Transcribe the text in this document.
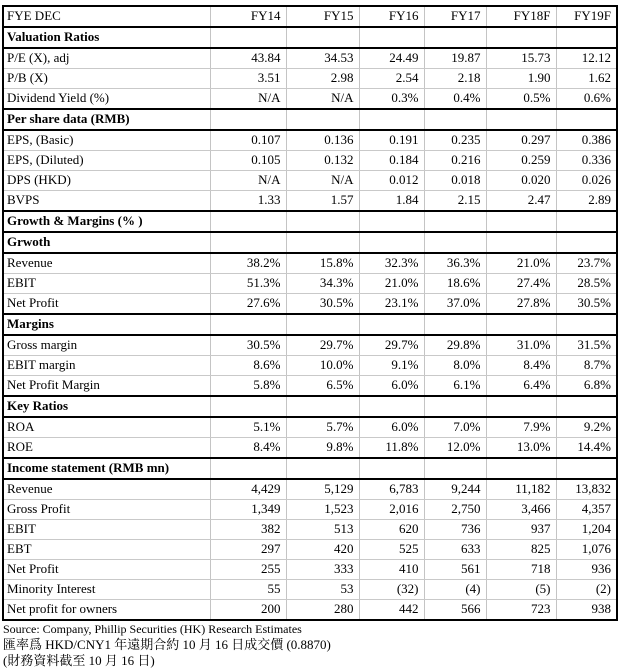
FYE DEC	FY14	FY15	FY16	FY17	FY18F	FY19F
Valuation Ratios						
P/E (X), adj	43.84	34.53	24.49	19.87	15.73	12.12
P/B (X)	3.51	2.98	2.54	2.18	1.90	1.62
Dividend Yield (%)	N/A	N/A	0.3%	0.4%	0.5%	0.6%
Per share data (RMB)						
EPS, (Basic)	0.107	0.136	0.191	0.235	0.297	0.386
EPS, (Diluted)	0.105	0.132	0.184	0.216	0.259	0.336
DPS (HKD)	N/A	N/A	0.012	0.018	0.020	0.026
BVPS	1.33	1.57	1.84	2.15	2.47	2.89
Growth & Margins (% )						
Grwoth						
Revenue	38.2%	15.8%	32.3%	36.3%	21.0%	23.7%
EBIT	51.3%	34.3%	21.0%	18.6%	27.4%	28.5%
Net Profit	27.6%	30.5%	23.1%	37.0%	27.8%	30.5%
Margins						
Gross margin	30.5%	29.7%	29.7%	29.8%	31.0%	31.5%
EBIT margin	8.6%	10.0%	9.1%	8.0%	8.4%	8.7%
Net Profit Margin	5.8%	6.5%	6.0%	6.1%	6.4%	6.8%
Key Ratios						
ROA	5.1%	5.7%	6.0%	7.0%	7.9%	9.2%
ROE	8.4%	9.8%	11.8%	12.0%	13.0%	14.4%
Income statement (RMB mn)						
Revenue	4,429	5,129	6,783	9,244	11,182	13,832
Gross Profit	1,349	1,523	2,016	2,750	3,466	4,357
EBIT	382	513	620	736	937	1,204
EBT	297	420	525	633	825	1,076
Net Profit	255	333	410	561	718	936
Minority Interest	55	53	(32)	(4)	(5)	(2)
Net profit for owners	200	280	442	566	723	938
Source: Company, Phillip Securities (HK) Research Estimates
匯率爲 HKD/CNY1 年遠期合約 10 月 16 日成交價 (0.8870)
(財務資料截至 10 月 16 日)
